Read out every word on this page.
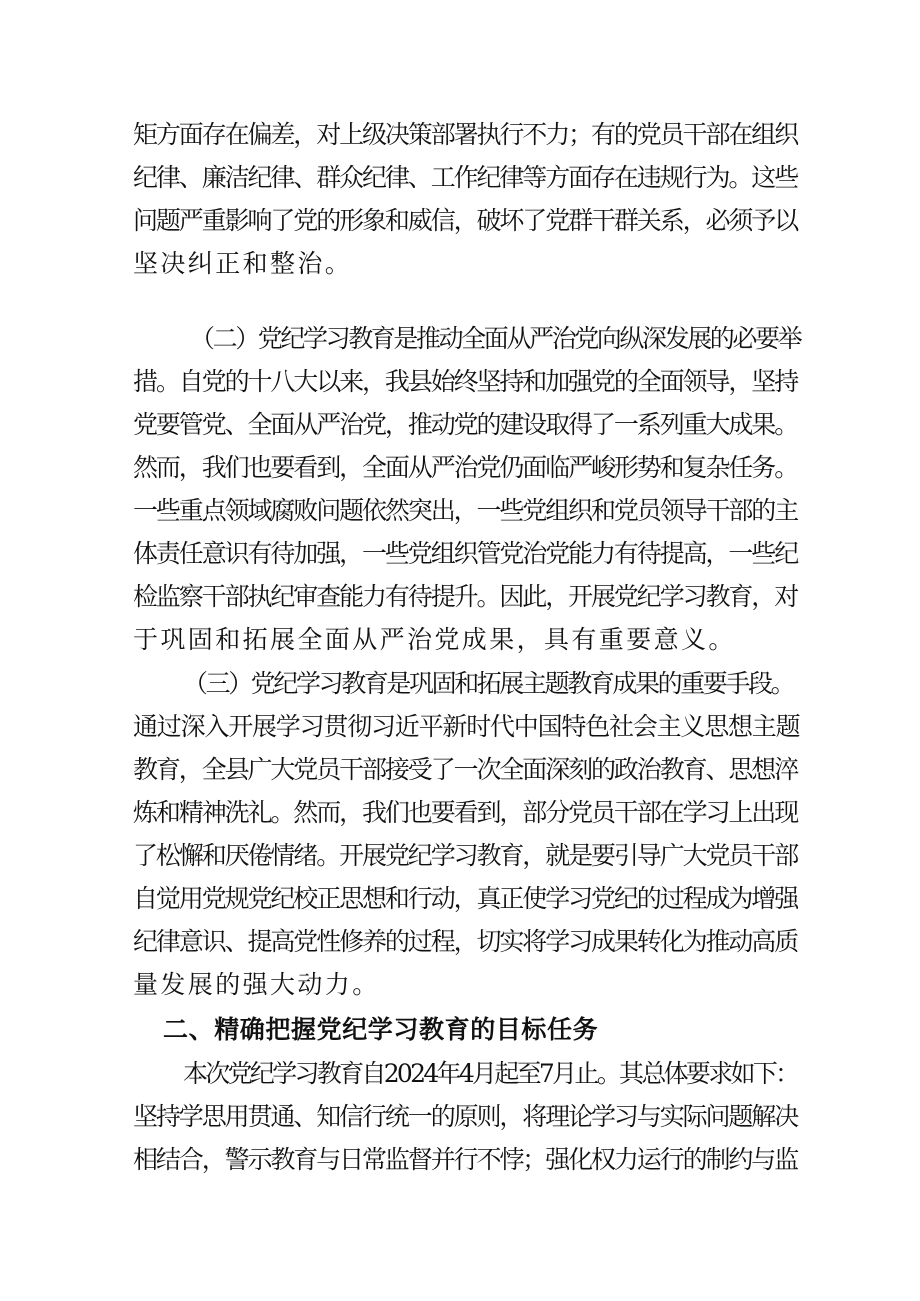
矩方面存在偏差，对上级决策部署执行不力；有的党员干部在组织
纪律、廉洁纪律、群众纪律、工作纪律等方面存在违规行为。这些
问题严重影响了党的形象和威信，破坏了党群干群关系，必须予以
坚决纠正和整治。
（二）党纪学习教育是推动全面从严治党向纵深发展的必要举
措。自党的十八大以来，我县始终坚持和加强党的全面领导，坚持
党要管党、全面从严治党，推动党的建设取得了一系列重大成果。
然而，我们也要看到，全面从严治党仍面临严峻形势和复杂任务。
一些重点领域腐败问题依然突出，一些党组织和党员领导干部的主
体责任意识有待加强，一些党组织管党治党能力有待提高，一些纪
检监察干部执纪审查能力有待提升。因此，开展党纪学习教育，对
于巩固和拓展全面从严治党成果，具有重要意义。
（三）党纪学习教育是巩固和拓展主题教育成果的重要手段。
通过深入开展学习贯彻习近平新时代中国特色社会主义思想主题
教育，全县广大党员干部接受了一次全面深刻的政治教育、思想淬
炼和精神洗礼。然而，我们也要看到，部分党员干部在学习上出现
了松懈和厌倦情绪。开展党纪学习教育，就是要引导广大党员干部
自觉用党规党纪校正思想和行动，真正使学习党纪的过程成为增强
纪律意识、提高党性修养的过程，切实将学习成果转化为推动高质
量发展的强大动力。
二、精确把握党纪学习教育的目标任务
本次党纪学习教育自2024年4月起至7月止。其总体要求如下：
坚持学思用贯通、知信行统一的原则，将理论学习与实际问题解决
相结合，警示教育与日常监督并行不悖；强化权力运行的制约与监
